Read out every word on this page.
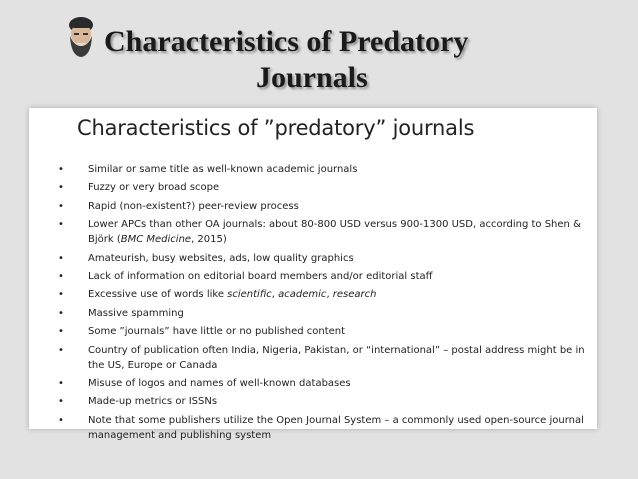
Characteristics of Predatory
Journals
Characteristics of ”predatory” journals
• Similar or same title as well-known academic journals
• Fuzzy or very broad scope
• Rapid (non-existent?) peer-review process
• Lower APCs than other OA journals: about 80-800 USD versus 900-1300 USD, according to Shen & Björk (BMC Medicine, 2015)
• Amateurish, busy websites, ads, low quality graphics
• Lack of information on editorial board members and/or editorial staff
• Excessive use of words like scientific, academic, research
• Massive spamming
• Some ”journals” have little or no published content
• Country of publication often India, Nigeria, Pakistan, or “international” – postal address might be in the US, Europe or Canada
• Misuse of logos and names of well-known databases
• Made-up metrics or ISSNs
• Note that some publishers utilize the Open Journal System – a commonly used open-source journal management and publishing system
